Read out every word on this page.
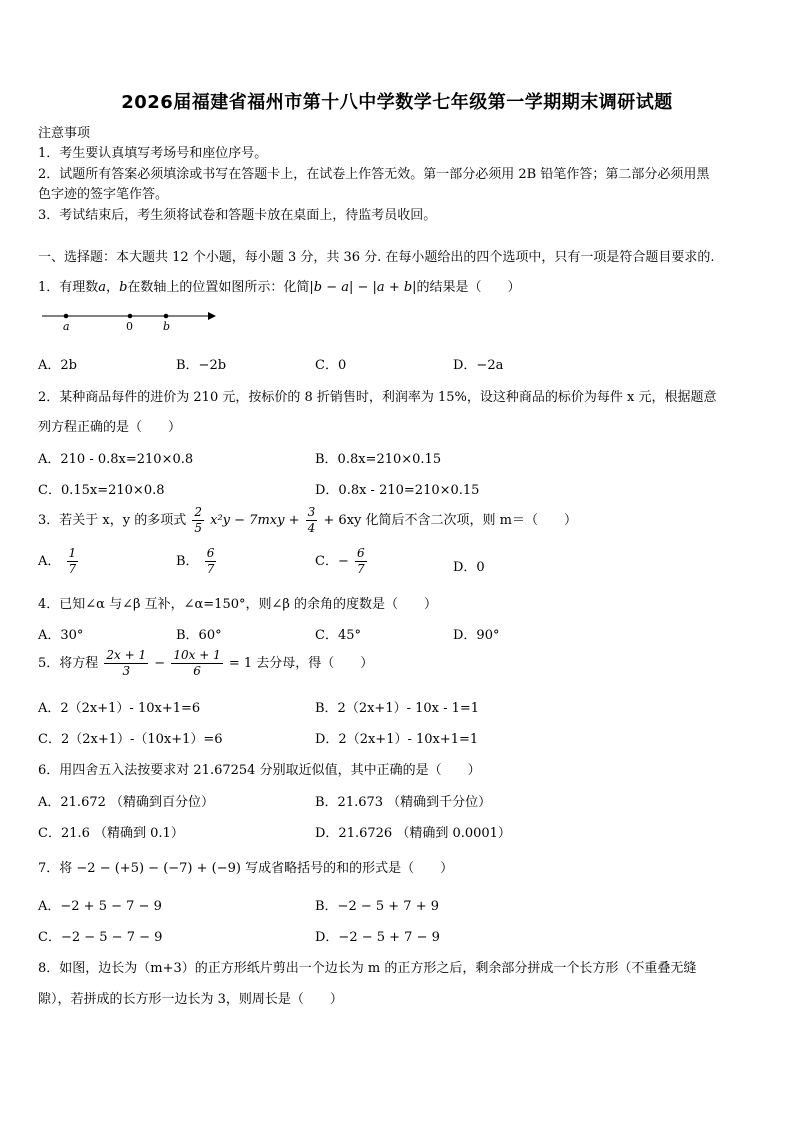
2026届福建省福州市第十八中学数学七年级第一学期期末调研试题
注意事项
1．考生要认真填写考场号和座位序号。
2．试题所有答案必须填涂或书写在答题卡上，在试卷上作答无效。第一部分必须用 2B 铅笔作答；第二部分必须用黑
色字迹的签字笔作答。
3．考试结束后，考生须将试卷和答题卡放在桌面上，待监考员收回。
一、选择题：本大题共 12 个小题，每小题 3 分，共 36 分. 在每小题给出的四个选项中，只有一项是符合题目要求的.
1．有理数a，b在数轴上的位置如图所示：化简|b − a| − |a + b|的结果是（　　）
a	0	b
A．2b	B．−2b	C．0	D．−2a
2．某种商品每件的进价为 210 元，按标价的 8 折销售时，利润率为 15%，设这种商品的标价为每件 x 元，根据题意
列方程正确的是（　　）
A．210 - 0.8x=210×0.8	B．0.8x=210×0.15
C．0.15x=210×0.8	D．0.8x - 210=210×0.15
3．若关于 x，y 的多项式 $\frac{2}{5} x^2y - 7mxy + \frac{3}{4} + 6xy$ 化简后不含二次项，则 m＝（　　）
A． $\frac{1}{7}$	B． $\frac{6}{7}$	C．− $\frac{6}{7}$	D．0
4．已知∠α 与∠β 互补，∠α=150°，则∠β 的余角的度数是（　　）
A．30°	B．60°	C．45°	D．90°
5．将方程 $\frac{2x + 1}{3} - \frac{10x + 1}{6} = 1$ 去分母，得（　　）
A．2（2x+1）- 10x+1=6	B．2（2x+1）- 10x - 1=1
C．2（2x+1）-（10x+1）=6	D．2（2x+1）- 10x+1=1
6．用四舍五入法按要求对 21.67254 分别取近似值，其中正确的是（　　）
A．21.672 （精确到百分位）	B．21.673 （精确到千分位）
C．21.6 （精确到 0.1）	D．21.6726 （精确到 0.0001）
7．将 −2 − (+5) − (−7) + (−9) 写成省略括号的和的形式是（　　）
A．−2 + 5 − 7 − 9	B．−2 − 5 + 7 + 9
C．−2 − 5 − 7 − 9	D．−2 − 5 + 7 − 9
8．如图，边长为（m+3）的正方形纸片剪出一个边长为 m 的正方形之后，剩余部分拼成一个长方形（不重叠无缝
隙），若拼成的长方形一边长为 3，则周长是（　　）
